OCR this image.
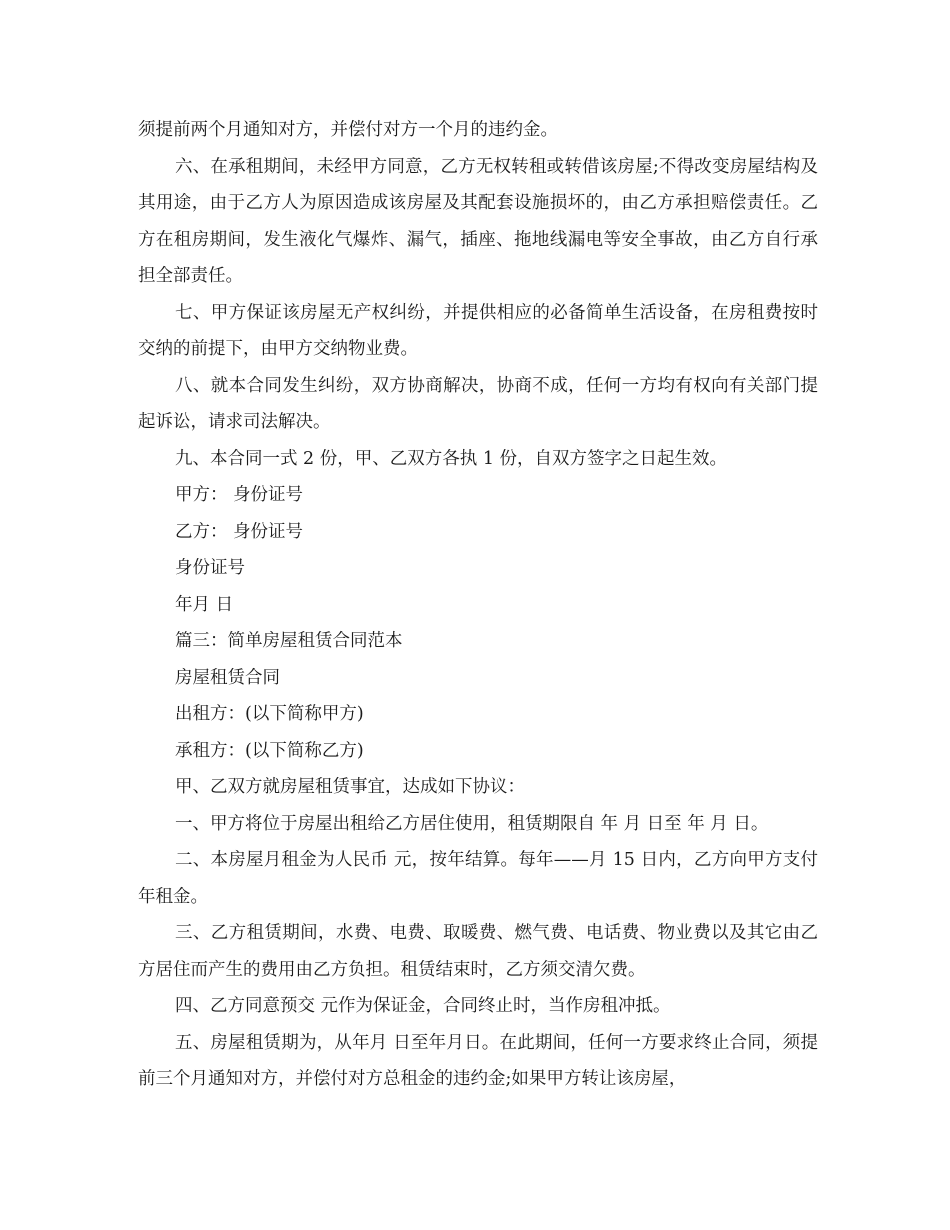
须提前两个月通知对方，并偿付对方一个月的违约金。

六、在承租期间，未经甲方同意，乙方无权转租或转借该房屋;不得改变房屋结构及其用途，由于乙方人为原因造成该房屋及其配套设施损坏的，由乙方承担赔偿责任。乙方在租房期间，发生液化气爆炸、漏气，插座、拖地线漏电等安全事故，由乙方自行承担全部责任。

七、甲方保证该房屋无产权纠纷，并提供相应的必备简单生活设备，在房租费按时交纳的前提下，由甲方交纳物业费。

八、就本合同发生纠纷，双方协商解决，协商不成，任何一方均有权向有关部门提起诉讼，请求司法解决。

九、本合同一式 2 份，甲、乙双方各执 1 份，自双方签字之日起生效。

甲方： 身份证号

乙方： 身份证号

身份证号

年月 日

篇三：简单房屋租赁合同范本

房屋租赁合同

出租方：(以下简称甲方)

承租方：(以下简称乙方)

甲、乙双方就房屋租赁事宜，达成如下协议：

一、甲方将位于房屋出租给乙方居住使用，租赁期限自 年 月 日至 年 月 日。

二、本房屋月租金为人民币 元，按年结算。每年——月 15 日内，乙方向甲方支付年租金。

三、乙方租赁期间，水费、电费、取暖费、燃气费、电话费、物业费以及其它由乙方居住而产生的费用由乙方负担。租赁结束时，乙方须交清欠费。

四、乙方同意预交 元作为保证金，合同终止时，当作房租冲抵。

五、房屋租赁期为，从年月 日至年月日。在此期间，任何一方要求终止合同，须提前三个月通知对方，并偿付对方总租金的违约金;如果甲方转让该房屋，
